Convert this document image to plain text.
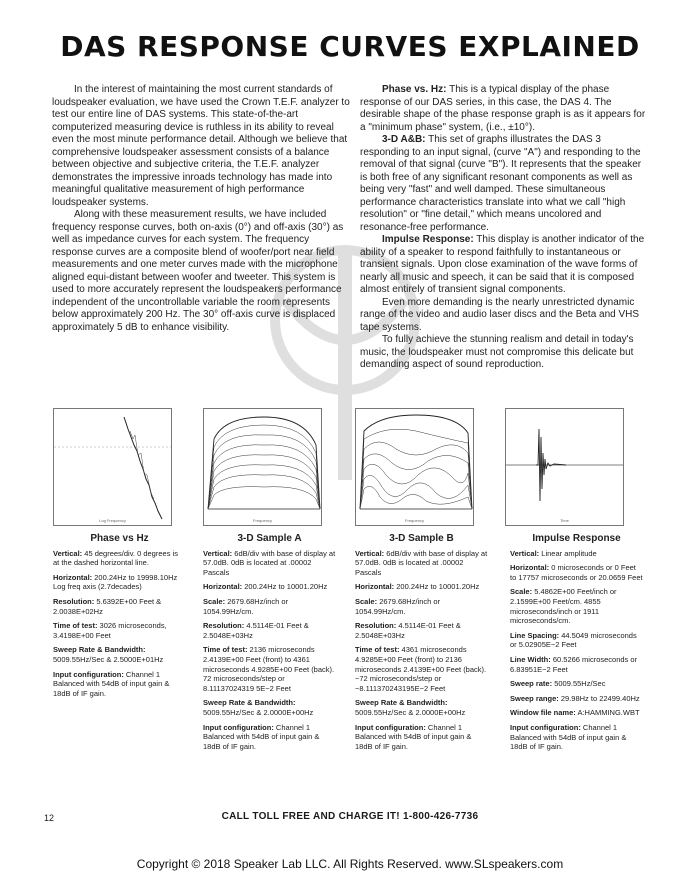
DAS RESPONSE CURVES EXPLAINED

In the interest of maintaining the most current standards of loudspeaker evaluation, we have used the Crown T.E.F. analyzer to test our entire line of DAS systems. This state-of-the-art computerized measuring device is ruthless in its ability to reveal even the most minute performance detail. Although we believe that comprehensive loudspeaker assessment consists of a balance between objective and subjective criteria, the T.E.F. analyzer demonstrates the impressive inroads technology has made into meaningful qualitative measurement of high performance loudspeaker systems.

Along with these measurement results, we have included frequency response curves, both on-axis (0°) and off-axis (30°) as well as impedance curves for each system. The frequency response curves are a composite blend of woofer/port near field measurements and one meter curves made with the microphone aligned equi-distant between woofer and tweeter. This system is used to more accurately represent the loudspeakers performance independent of the uncontrollable variable the room represents below approximately 200 Hz. The 30° off-axis curve is displaced approximately 5 dB to enhance visibility.

Phase vs. Hz: This is a typical display of the phase response of our DAS series, in this case, the DAS 4. The desirable shape of the phase response graph is as it appears for a "minimum phase" system, (i.e., ±10°).

3-D A&B: This set of graphs illustrates the DAS 3 responding to an input signal, (curve "A") and responding to the removal of that signal (curve "B"). It represents that the speaker is both free of any significant resonant components as well as being very "fast" and well damped. These simultaneous performance characteristics translate into what we call "high resolution" or "fine detail," which means uncolored and resonance-free performance.

Impulse Response: This display is another indicator of the ability of a speaker to respond faithfully to instantaneous or transient signals. Upon close examination of the wave forms of nearly all music and speech, it can be said that it is composed almost entirely of transient signal components.

Even more demanding is the nearly unrestricted dynamic range of the video and audio laser discs and the Beta and VHS tape systems.

To fully achieve the stunning realism and detail in today's music, the loudspeaker must not compromise this delicate but demanding aspect of sound reproduction.

Log Frequency	Frequency	Frequency	Time
Phase vs Hz
Vertical: 45 degrees/div. 0 degrees is at the dashed horizontal line.
Horizontal: 200.24Hz to 19998.10Hz Log freq axis (2.7decades)
Resolution: 5.6392E+00 Feet & 2.0038E+02Hz
Time of test: 3026 microseconds, 3.4198E+00 Feet
Sweep Rate & Bandwidth: 5009.55Hz/Sec & 2.5000E+01Hz
Input configuration: Channel 1 Balanced with 54dB of input gain & 18dB of IF gain.
3-D Sample A
Vertical: 6dB/div with base of display at 57.0dB. 0dB is located at .00002 Pascals
Horizontal: 200.24Hz to 10001.20Hz
Scale: 2679.68Hz/inch or 1054.99Hz/cm.
Resolution: 4.5114E-01 Feet & 2.5048E+03Hz
Time of test: 2136 microseconds 2.4139E+00 Feet (front) to 4361 microseconds 4.9285E+00 Feet (back). 72 microseconds/step or 8.11137024319 5E−2 Feet
Sweep Rate & Bandwidth: 5009.55Hz/Sec & 2.0000E+00Hz
Input configuration: Channel 1 Balanced with 54dB of input gain & 18dB of IF gain.
3-D Sample B
Vertical: 6dB/div with base of display at 57.0dB. 0dB is located at .00002 Pascals
Horizontal: 200.24Hz to 10001.20Hz
Scale: 2679.68Hz/inch or 1054.99Hz/cm.
Resolution: 4.5114E-01 Feet & 2.5048E+03Hz
Time of test: 4361 microseconds 4.9285E+00 Feet (front) to 2136 microseconds 2.4139E+00 Feet (back). −72 microseconds/step or −8.111370243195E−2 Feet
Sweep Rate & Bandwidth: 5009.55Hz/Sec & 2.0000E+00Hz
Input configuration: Channel 1 Balanced with 54dB of input gain & 18dB of IF gain.
Impulse Response
Vertical: Linear amplitude
Horizontal: 0 microseconds or 0 Feet to 17757 microseconds or 20.0659 Feet
Scale: 5.4862E+00 Feet/inch or 2.1599E+00 Feet/cm. 4855 microseconds/inch or 1911 microseconds/cm.
Line Spacing: 44.5049 microseconds or 5.02905E−2 Feet
Line Width: 60.5266 microseconds or 6.83951E−2 Feet
Sweep rate: 5009.55Hz/Sec
Sweep range: 29.98Hz to 22499.40Hz
Window file name: A:HAMMING.WBT
Input configuration: Channel 1 Balanced with 54dB of input gain & 18dB of IF gain.
12	CALL TOLL FREE AND CHARGE IT! 1-800-426-7736
Copyright © 2018 Speaker Lab LLC. All Rights Reserved. www.SLspeakers.com
